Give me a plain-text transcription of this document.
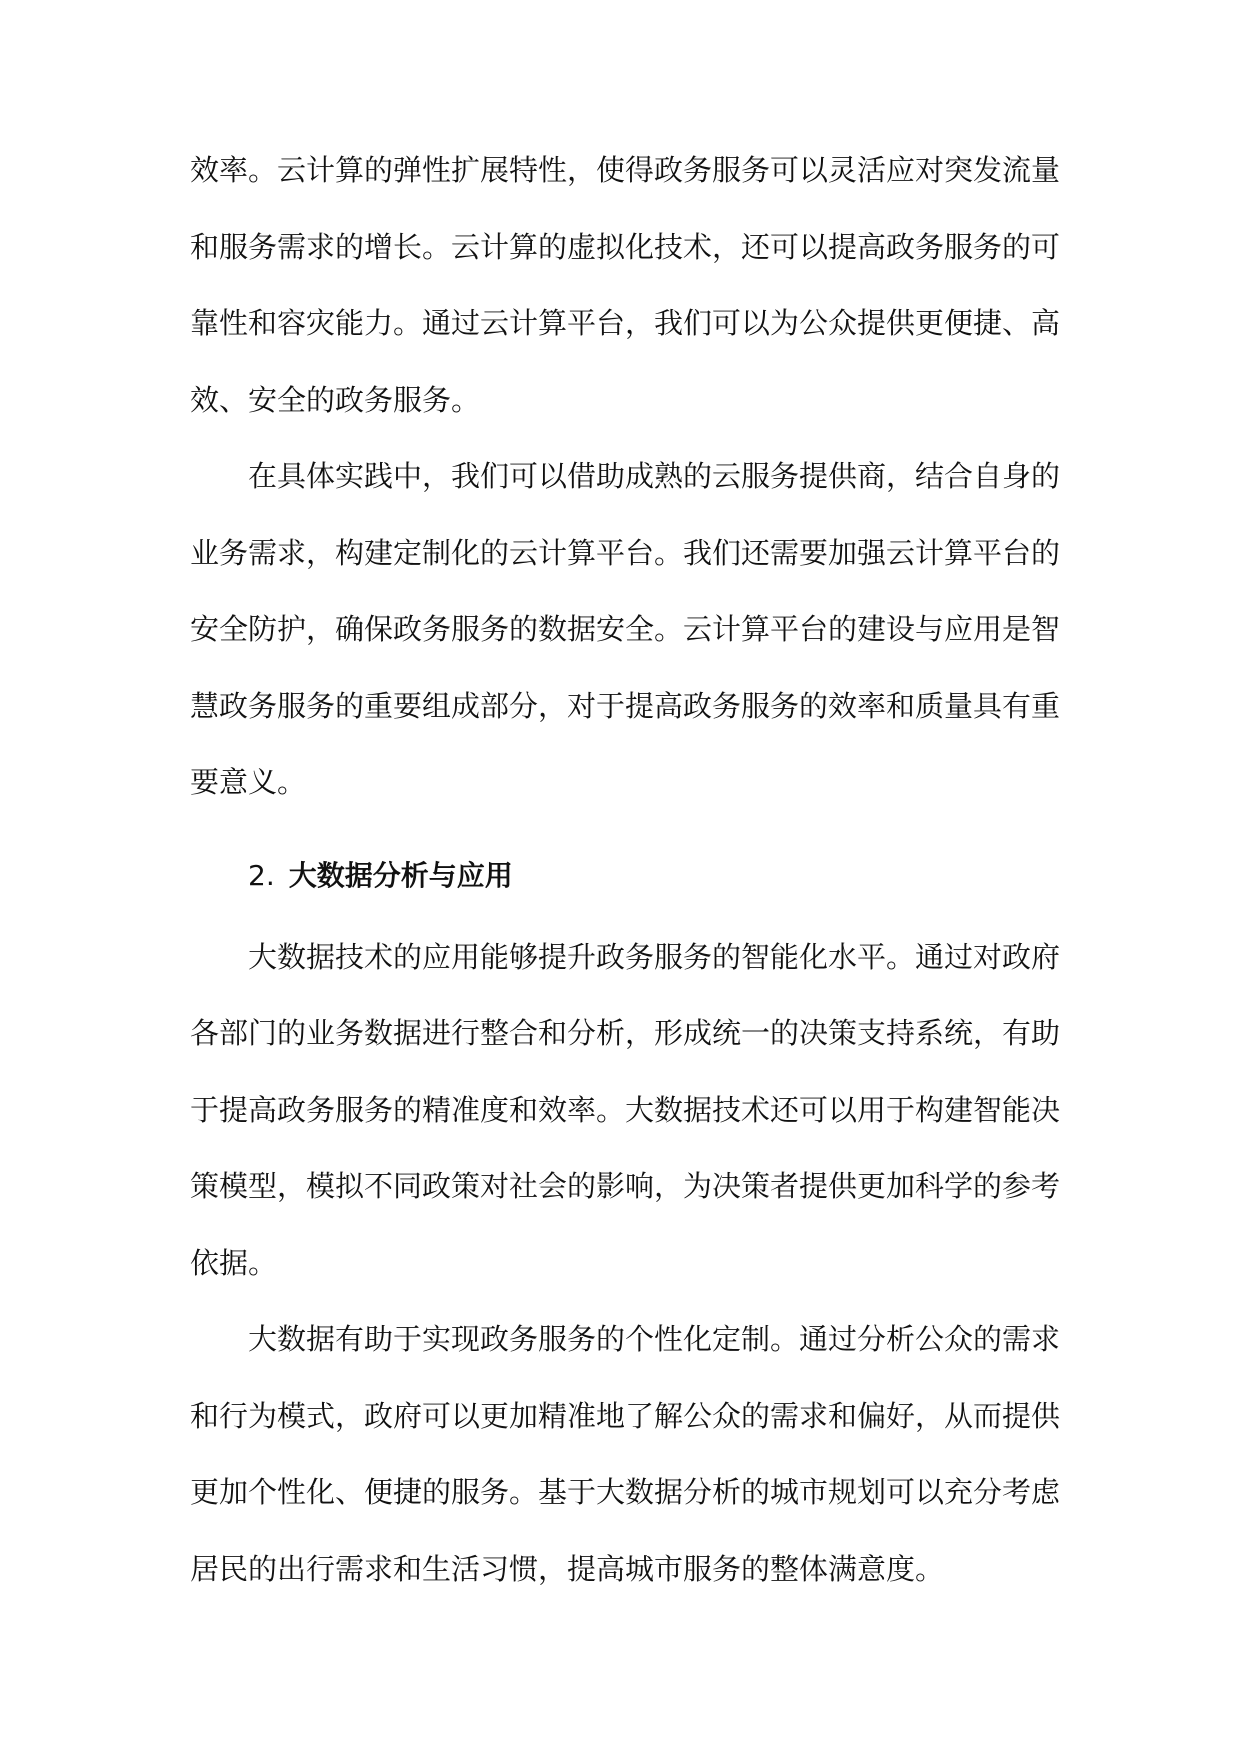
效率。云计算的弹性扩展特性，使得政务服务可以灵活应对突发流量和服务需求的增长。云计算的虚拟化技术，还可以提高政务服务的可靠性和容灾能力。通过云计算平台，我们可以为公众提供更便捷、高效、安全的政务服务。

在具体实践中，我们可以借助成熟的云服务提供商，结合自身的业务需求，构建定制化的云计算平台。我们还需要加强云计算平台的安全防护，确保政务服务的数据安全。云计算平台的建设与应用是智慧政务服务的重要组成部分，对于提高政务服务的效率和质量具有重要意义。

2. 大数据分析与应用

大数据技术的应用能够提升政务服务的智能化水平。通过对政府各部门的业务数据进行整合和分析，形成统一的决策支持系统，有助于提高政务服务的精准度和效率。大数据技术还可以用于构建智能决策模型，模拟不同政策对社会的影响，为决策者提供更加科学的参考依据。

大数据有助于实现政务服务的个性化定制。通过分析公众的需求和行为模式，政府可以更加精准地了解公众的需求和偏好，从而提供更加个性化、便捷的服务。基于大数据分析的城市规划可以充分考虑居民的出行需求和生活习惯，提高城市服务的整体满意度。
